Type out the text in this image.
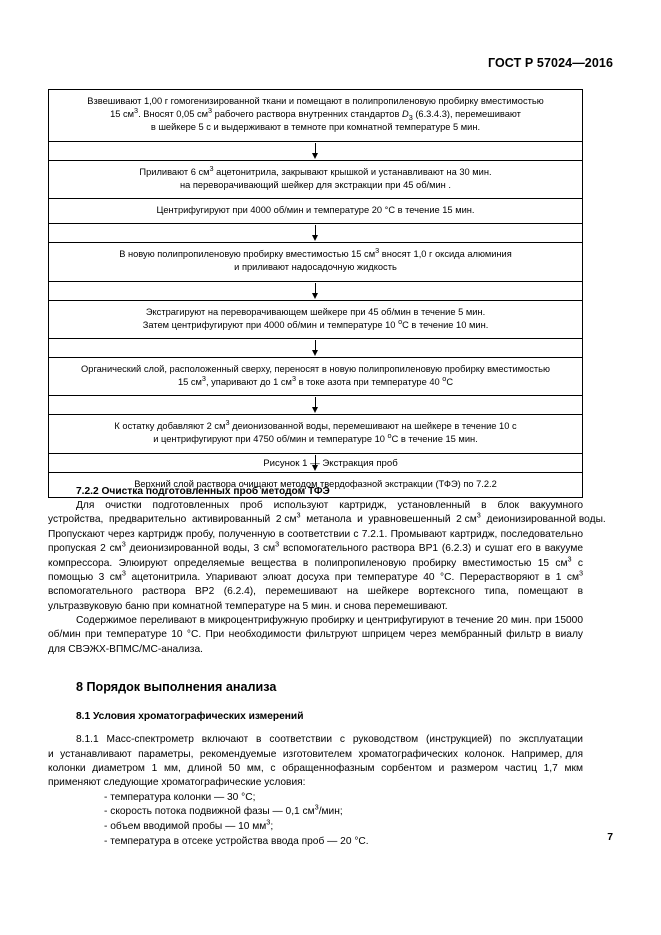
ГОСТ Р 57024—2016

Взвешивают 1,00 г гомогенизированной ткани и помещают в полипропиленовую пробирку вместимостью

15 $см^3$. Вносят 0,05 $см^3$ рабочего раствора внутренних стандартов $D_3$ (6.3.4.3), перемешивают

в шейкере 5 с и выдерживают в темноте при комнатной температуре 5 мин.

Приливают 6 $см^3$ ацетонитрила, закрывают крышкой и устанавливают на 30 мин.

на переворачивающий шейкер для экстракции при 45 об/мин .

Центрифугируют при 4000 об/мин и температуре 20 °С в течение 15 мин.

В новую полипропиленовую пробирку вместимостью 15 $см^3$ вносят 1,0 г оксида алюминия

и приливают надосадочную жидкость

Экстрагируют на переворачивающем шейкере при 45 об/мин в течение 5 мин.

Затем центрифугируют при 4000 об/мин и температуре 10 $^о$С в течение 10 мин.

Органический слой, расположенный сверху, переносят в новую полипропиленовую пробирку вместимостью

15 $см^3$, упаривают до 1 $см^3$ в токе азота при температуре 40 $^о$С

К остатку добавляют 2 $см^3$ деионизованной воды, перемешивают на шейкере в течение 10 с

и центрифугируют при 4750 об/мин и температуре 10 $^о$С в течение 15 мин.

Верхний слой раствора очищают методом твердофазной экстракции (ТФЭ) по 7.2.2

Рисунок 1 — Экстракция проб
7.2.2 Очистка подготовленных проб методом ТФЭ

Для  очистки  подготовленных  проб  используют  картридж,  установленный  в  блок  вакуумного устройства,  предварительно  активированный  2 $см^3$  метанола  и  уравновешенный  2 $см^3$  деионизированной воды. Пропускают через картридж пробу, полученную в соответствии с 7.2.1. Промывают картридж, последовательно пропуская 2 $см^3$ деионизированной воды, 3 $см^3$ вспомогательного раствора ВР1 (6.2.3) и сушат его в вакууме компрессора. Элюируют определяемые вещества в полипропиленовую пробирку вместимостью 15 $см^3$ с помощью 3 $см^3$ ацетонитрила. Упаривают элюат досуха при температуре 40 °С. Перерастворяют в 1 $см^3$ вспомогательного раствора ВР2 (6.2.4), перемешивают на шейкере вортексного типа, помещают в ультразвуковую баню при комнатной температуре на 5 мин. и снова перемешивают.

Содержимое переливают в микроцентрифужную пробирку и центрифугируют в течение 20 мин. при 15000 об/мин при температуре 10 °С. При необходимости фильтруют шприцем через мембранный фильтр в виалу для СВЭЖХ-ВПМС/МС-анализа.

8 Порядок выполнения анализа
8.1 Условия хроматографических измерений

8.1.1 Масс-спектрометр включают в соответствии с руководством (инструкцией) по эксплуатации и  устанавливают  параметры,  рекомендуемые  изготовителем  хроматографических  колонок.  Например, для колонки диаметром 1 мм, длиной 50 мм, с обращеннофазным сорбентом и размером частиц 1,7 мкм применяют следующие хроматографические условия:

- температура колонки — 30 °С;
- скорость потока подвижной фазы — 0,1 $см^3$/мин;
- объем вводимой пробы — 10 $мм^3$;
- температура в отсеке устройства ввода проб — 20 °С.	7
